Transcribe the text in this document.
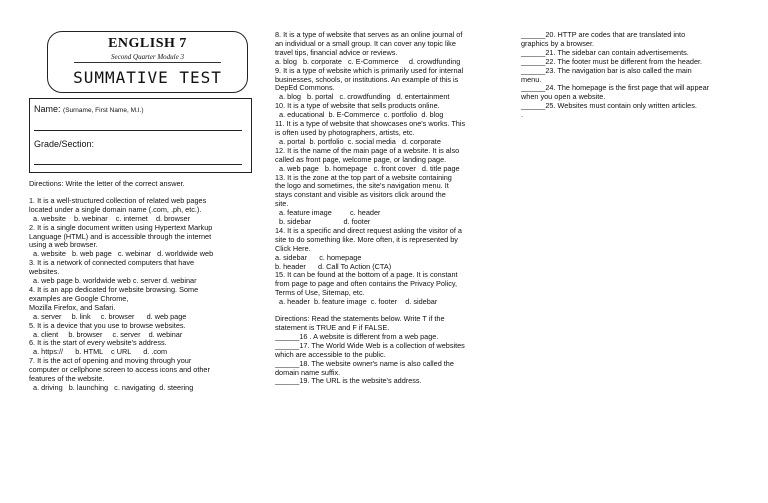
ENGLISH 7
Second Quarter Module 3
SUMMATIVE TEST
Name: (Surname, First Name, M.I.)
Grade/Section:

Directions: Write the letter of the correct answer.

1. It is a well-structured collection of related web pages

located under a single domain name (.com, .ph, etc.).

a. website    b. webinar    c. internet    d. browser

2. It is a single document written using Hypertext Markup

Language (HTML) and is accessible through the internet

using a web browser.

a. website   b. web page   c. webinar   d. worldwide web

3. It is a network of connected computers that have

websites.

a. web page b. worldwide web c. server d. webinar

4. It is an app dedicated for website browsing. Some

examples are Google Chrome,

Mozilla Firefox, and Safari.

a. server     b. link     c. browser      d. web page

5. It is a device that you use to browse websites.

a. client     b. browser     c. server    d. webinar

6. It is the start of every website's address.

a. https://      b. HTML    c URL      d. .com

7. It is the act of opening and moving through your

computer or cellphone screen to access icons and other

features of the website.

a. driving   b. launching   c. navigating  d. steering

8. It is a type of website that serves as an online journal of

an individual or a small group. It can cover any topic like

travel tips, financial advice or reviews.

a. blog   b. corporate   c. E-Commerce     d. crowdfunding

9. It is a type of website which is primarily used for internal

businesses, schools, or institutions. An example of this is

DepEd Commons.

a. blog   b. portal   c. crowdfunding   d. entertainment

10. It is a type of website that sells products online.

a. educational  b. E-Commerce  c. portfolio  d. blog

11. It is a type of website that showcases one's works. This

is often used by photographers, artists, etc.

a. portal  b. portfolio  c. social media   d. corporate

12. It is the name of the main page of a website. It is also

called as front page, welcome page, or landing page.

a. web page   b. homepage   c. front cover   d. title page

13. It is the zone at the top part of a website containing

the logo and sometimes, the site's navigation menu. It

stays constant and visible as visitors click around the

site.

a. feature image         c. header

b. sidebar                d. footer

14. It is a specific and direct request asking the visitor of a

site to do something like. More often, it is represented by

Click Here.

a. sidebar      c. homepage

b. header      d. Call To Action (CTA)

15. It can be found at the bottom of a page. It is constant

from page to page and often contains the Privacy Policy,

Terms of Use, Sitemap, etc.

a. header  b. feature image  c. footer    d. sidebar

Directions: Read the statements below. Write T if the

statement is TRUE and F if FALSE.

______16 . A website is different from a web page.

______17. The World Wide Web is a collection of websites

which are accessible to the public.

______18. The website owner's name is also called the

domain name suffix.

______19. The URL is the website's address.

______20. HTTP are codes that are translated into

graphics by a browser.

______21. The sidebar can contain advertisements.

______22. The footer must be different from the header.

______23. The navigation bar is also called the main

menu.

______24. The homepage is the first page that will appear

when you open a website.

______25. Websites must contain only written articles.

.
